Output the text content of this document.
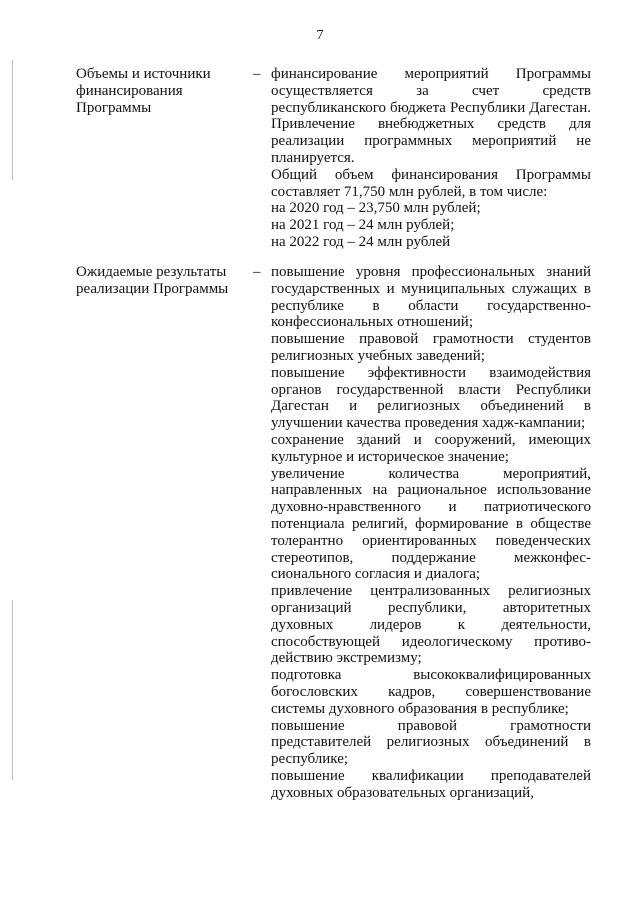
7
Объемы и источники финансирования Программы
– финансирование мероприятий Программы осуществляется за счет средств республиканского бюджета Республики Дагестан. Привлечение внебюджетных средств для реализации программных мероприятий не планируется.

Общий объем финансирования Программы составляет 71,750 млн рублей, в том числе:

на 2020 год – 23,750 млн рублей;

на 2021 год – 24 млн рублей;

на 2022 год – 24 млн рублей

Ожидаемые результаты реализации Программы
– повышение уровня профессиональных знаний государственных и муниципальных служащих в республике в области государственно-конфессиональных отношений;

повышение правовой грамотности студентов религиозных учебных заведений;

повышение эффективности взаимодействия органов государственной власти Республики Дагестан и религиозных объединений в улучшении качества проведения хадж-кампании;

сохранение зданий и сооружений, имеющих культурное и историческое значение;

увеличение количества мероприятий, направленных на рациональное использование духовно-нравственного и патриотического потенциала религий, формирование в обществе толерантно ориентированных поведенческих стереотипов, поддержание межконфес-сионального согласия и диалога;

привлечение централизованных религиозных организаций республики, авторитетных духовных лидеров к деятельности, способствующей идеологическому противо-действию экстремизму;

подготовка высококвалифицированных богословских кадров, совершенствование системы духовного образования в республике;

повышение правовой грамотности представителей религиозных объединений в республике;

повышение квалификации преподавателей духовных образовательных организаций,
